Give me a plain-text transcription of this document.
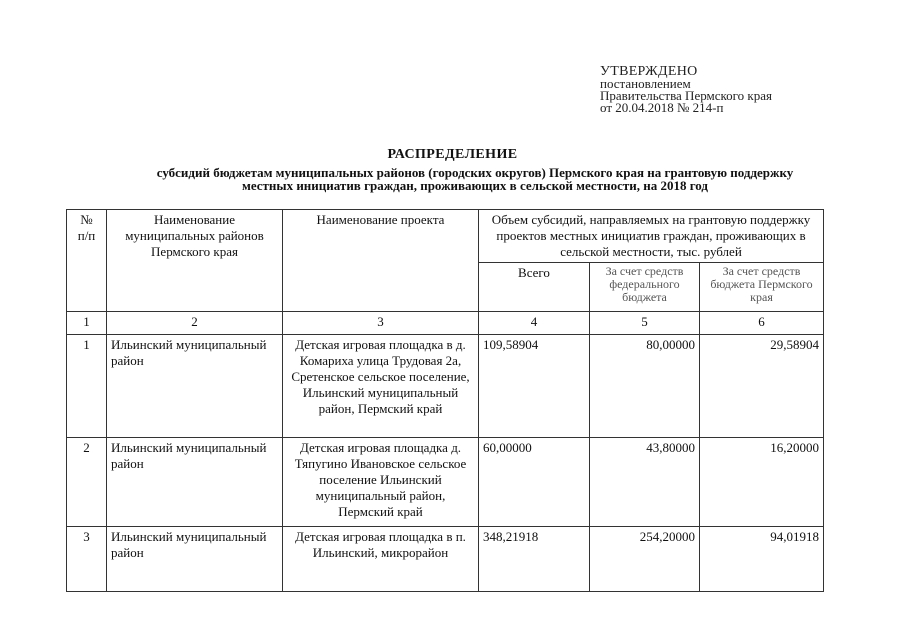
УТВЕРЖДЕНО
постановлением
Правительства Пермского края
от 20.04.2018 № 214-п
РАСПРЕДЕЛЕНИЕ
субсидий бюджетам муниципальных районов (городских округов) Пермского края на грантовую поддержку
местных инициатив граждан, проживающих в сельской местности, на 2018 год
№
п/п	Наименование муниципальных районов Пермского края	Наименование проекта	Объем субсидий, направляемых на грантовую поддержку проектов местных инициатив граждан, проживающих в сельской местности, тыс. рублей		
			Всего	За счет средств федерального бюджета	За счет средств бюджета Пермского края
1	2	3	4	5	6
1	Ильинский муниципальный район	Детская игровая площадка в д. Комариха улица Трудовая 2а, Сретенское сельское поселение, Ильинский муниципальный район, Пермский край	109,58904	80,00000	29,58904
2	Ильинский муниципальный район	Детская игровая площадка д. Тяпугино Ивановское сельское поселение Ильинский муниципальный район, Пермский край	60,00000	43,80000	16,20000
3	Ильинский муниципальный район	Детская игровая площадка в п. Ильинский, микрорайон	348,21918	254,20000	94,01918
